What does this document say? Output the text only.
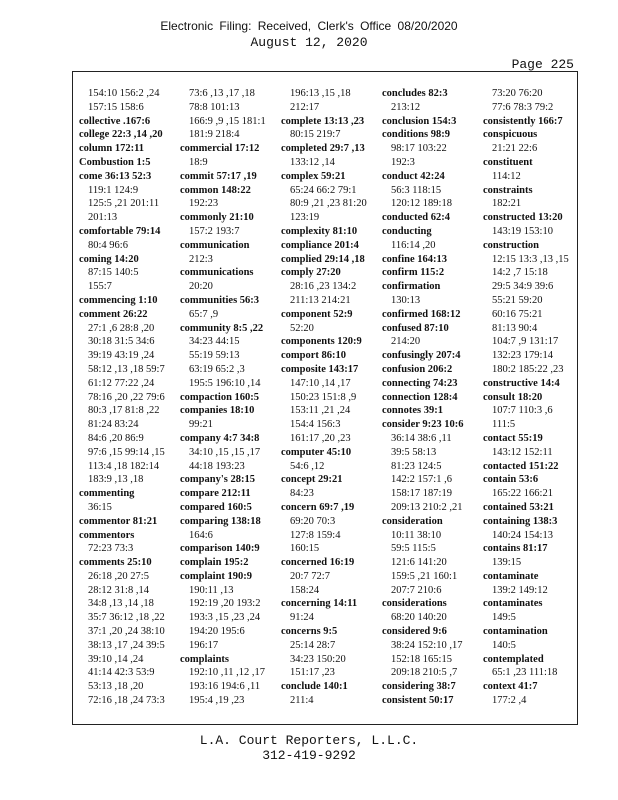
Electronic Filing: Received, Clerk's Office 08/20/2020
August 12, 2020
Page 225
154:10 156:2 ,24
157:15 158:6
collective .167:6
college 22:3 ,14 ,20
column 172:11
Combustion 1:5
come 36:13 52:3
119:1 124:9
125:5 ,21 201:11
201:13
comfortable 79:14
80:4 96:6
coming 14:20
87:15 140:5
155:7
commencing 1:10
comment 26:22
27:1 ,6 28:8 ,20
30:18 31:5 34:6
39:19 43:19 ,24
58:12 ,13 ,18 59:7
61:12 77:22 ,24
78:16 ,20 ,22 79:6
80:3 ,17 81:8 ,22
81:24 83:24
84:6 ,20 86:9
97:6 ,15 99:14 ,15
113:4 ,18 182:14
183:9 ,13 ,18
commenting
36:15
commentor 81:21
commentors
72:23 73:3
comments 25:10
26:18 ,20 27:5
28:12 31:8 ,14
34:8 ,13 ,14 ,18
35:7 36:12 ,18 ,22
37:1 ,20 ,24 38:10
38:13 ,17 ,24 39:5
39:10 ,14 ,24
41:14 42:3 53:9
53:13 ,18 ,20
72:16 ,18 ,24 73:3
73:6 ,13 ,17 ,18
78:8 101:13
166:9 ,9 ,15 181:1
181:9 218:4
commercial 17:12
18:9
commit 57:17 ,19
common 148:22
192:23
commonly 21:10
157:2 193:7
communication
212:3
communications
20:20
communities 56:3
65:7 ,9
community 8:5 ,22
34:23 44:15
55:19 59:13
63:19 65:2 ,3
195:5 196:10 ,14
compaction 160:5
companies 18:10
99:21
company 4:7 34:8
34:10 ,15 ,15 ,17
44:18 193:23
company's 28:15
compare 212:11
compared 160:5
comparing 138:18
164:6
comparison 140:9
complain 195:2
complaint 190:9
190:11 ,13
192:19 ,20 193:2
193:3 ,15 ,23 ,24
194:20 195:6
196:17
complaints
192:10 ,11 ,12 ,17
193:16 194:6 ,11
195:4 ,19 ,23
196:13 ,15 ,18
212:17
complete 13:13 ,23
80:15 219:7
completed 29:7 ,13
133:12 ,14
complex 59:21
65:24 66:2 79:1
80:9 ,21 ,23 81:20
123:19
complexity 81:10
compliance 201:4
complied 29:14 ,18
comply 27:20
28:16 ,23 134:2
211:13 214:21
component 52:9
52:20
components 120:9
comport 86:10
composite 143:17
147:10 ,14 ,17
150:23 151:8 ,9
153:11 ,21 ,24
154:4 156:3
161:17 ,20 ,23
computer 45:10
54:6 ,12
concept 29:21
84:23
concern 69:7 ,19
69:20 70:3
127:8 159:4
160:15
concerned 16:19
20:7 72:7
158:24
concerning 14:11
91:24
concerns 9:5
25:14 28:7
34:23 150:20
151:17 ,23
conclude 140:1
211:4
concludes 82:3
213:12
conclusion 154:3
conditions 98:9
98:17 103:22
192:3
conduct 42:24
56:3 118:15
120:12 189:18
conducted 62:4
conducting
116:14 ,20
confine 164:13
confirm 115:2
confirmation
130:13
confirmed 168:12
confused 87:10
214:20
confusingly 207:4
confusion 206:2
connecting 74:23
connection 128:4
connotes 39:1
consider 9:23 10:6
36:14 38:6 ,11
39:5 58:13
81:23 124:5
142:2 157:1 ,6
158:17 187:19
209:13 210:2 ,21
consideration
10:11 38:10
59:5 115:5
121:6 141:20
159:5 ,21 160:1
207:7 210:6
considerations
68:20 140:20
considered 9:6
38:24 152:10 ,17
152:18 165:15
209:18 210:5 ,7
considering 38:7
consistent 50:17
73:20 76:20
77:6 78:3 79:2
consistently 166:7
conspicuous
21:21 22:6
constituent
114:12
constraints
182:21
constructed 13:20
143:19 153:10
construction
12:15 13:3 ,13 ,15
14:2 ,7 15:18
29:5 34:9 39:6
55:21 59:20
60:16 75:21
81:13 90:4
104:7 ,9 131:17
132:23 179:14
180:2 185:22 ,23
constructive 14:4
consult 18:20
107:7 110:3 ,6
111:5
contact 55:19
143:12 152:11
contacted 151:22
contain 53:6
165:22 166:21
contained 53:21
containing 138:3
140:24 154:13
contains 81:17
139:15
contaminate
139:2 149:12
contaminates
149:5
contamination
140:5
contemplated
65:1 ,23 111:18
context 41:7
177:2 ,4
L.A. Court Reporters, L.L.C.
312-419-9292
